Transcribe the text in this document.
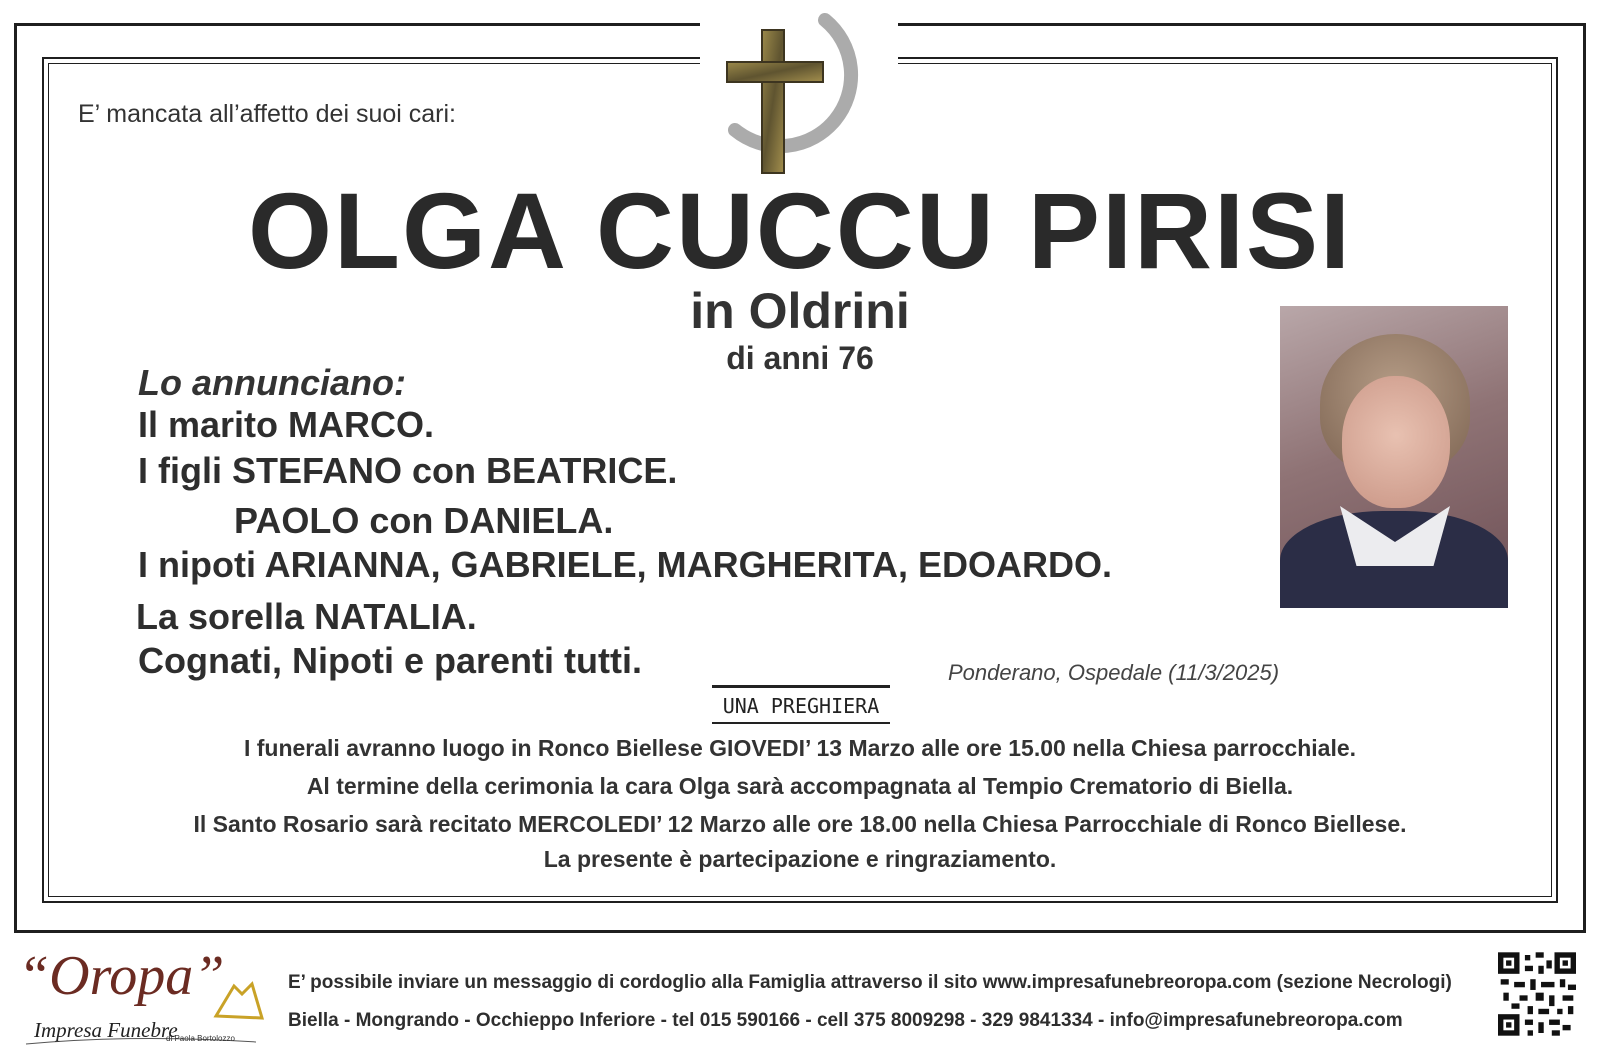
E’ mancata all’affetto dei suoi cari:
OLGA CUCCU PIRISI
in Oldrini
di anni 76
Lo annunciano:
Il marito MARCO.
I figli STEFANO con BEATRICE.
PAOLO con DANIELA.
I nipoti ARIANNA, GABRIELE, MARGHERITA, EDOARDO.
La sorella NATALIA.
Cognati, Nipoti e parenti tutti.	Ponderano, Ospedale (11/3/2025)
UNA PREGHIERA
I funerali avranno luogo in Ronco Biellese GIOVEDI’ 13 Marzo alle ore 15.00 nella Chiesa parrocchiale.
Al termine della cerimonia la cara Olga sarà accompagnata al Tempio Crematorio di Biella.
Il Santo Rosario sarà recitato MERCOLEDI’ 12 Marzo alle ore 18.00 nella Chiesa Parrocchiale di Ronco Biellese.
La presente è partecipazione e ringraziamento.
“Oropa”
Impresa Funebre
di Paola Bortolozzo
E’ possibile inviare un messaggio di cordoglio alla Famiglia attraverso il sito www.impresafunebreoropa.com (sezione Necrologi)
Biella - Mongrando - Occhieppo Inferiore - tel 015 590166 - cell 375 8009298 - 329 9841334 - info@impresafunebreoropa.com
